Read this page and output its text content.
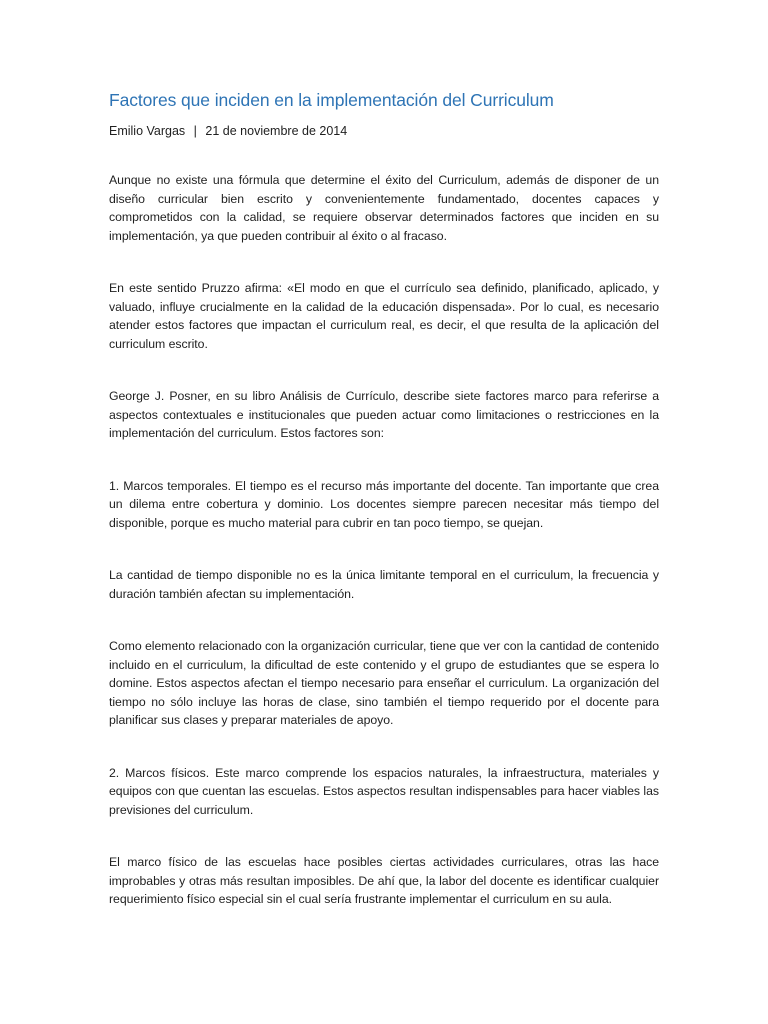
Factores que inciden en la implementación del Curriculum
Emilio Vargas | 21 de noviembre de 2014

Aunque no existe una fórmula que determine el éxito del Curriculum, además de disponer de un diseño curricular bien escrito y convenientemente fundamentado, docentes capaces y comprometidos con la calidad, se requiere observar determinados factores que inciden en su implementación, ya que pueden contribuir al éxito o al fracaso.

En este sentido Pruzzo afirma: «El modo en que el currículo sea definido, planificado, aplicado, y valuado, influye crucialmente en la calidad de la educación dispensada». Por lo cual, es necesario atender estos factores que impactan el curriculum real, es decir, el que resulta de la aplicación del curriculum escrito.

George J. Posner, en su libro Análisis de Currículo, describe siete factores marco para referirse a aspectos contextuales e institucionales que pueden actuar como limitaciones o restricciones en la implementación del curriculum. Estos factores son:

1. Marcos temporales. El tiempo es el recurso más importante del docente. Tan importante que crea un dilema entre cobertura y dominio. Los docentes siempre parecen necesitar más tiempo del disponible, porque es mucho material para cubrir en tan poco tiempo, se quejan.

La cantidad de tiempo disponible no es la única limitante temporal en el curriculum, la frecuencia y duración también afectan su implementación.

Como elemento relacionado con la organización curricular, tiene que ver con la cantidad de contenido incluido en el curriculum, la dificultad de este contenido y el grupo de estudiantes que se espera lo domine. Estos aspectos afectan el tiempo necesario para enseñar el curriculum. La organización del tiempo no sólo incluye las horas de clase, sino también el tiempo requerido por el docente para planificar sus clases y preparar materiales de apoyo.

2. Marcos físicos. Este marco comprende los espacios naturales, la infraestructura, materiales y equipos con que cuentan las escuelas. Estos aspectos resultan indispensables para hacer viables las previsiones del curriculum.

El marco físico de las escuelas hace posibles ciertas actividades curriculares, otras las hace improbables y otras más resultan imposibles. De ahí que, la labor del docente es identificar cualquier requerimiento físico especial sin el cual sería frustrante implementar el curriculum en su aula.
